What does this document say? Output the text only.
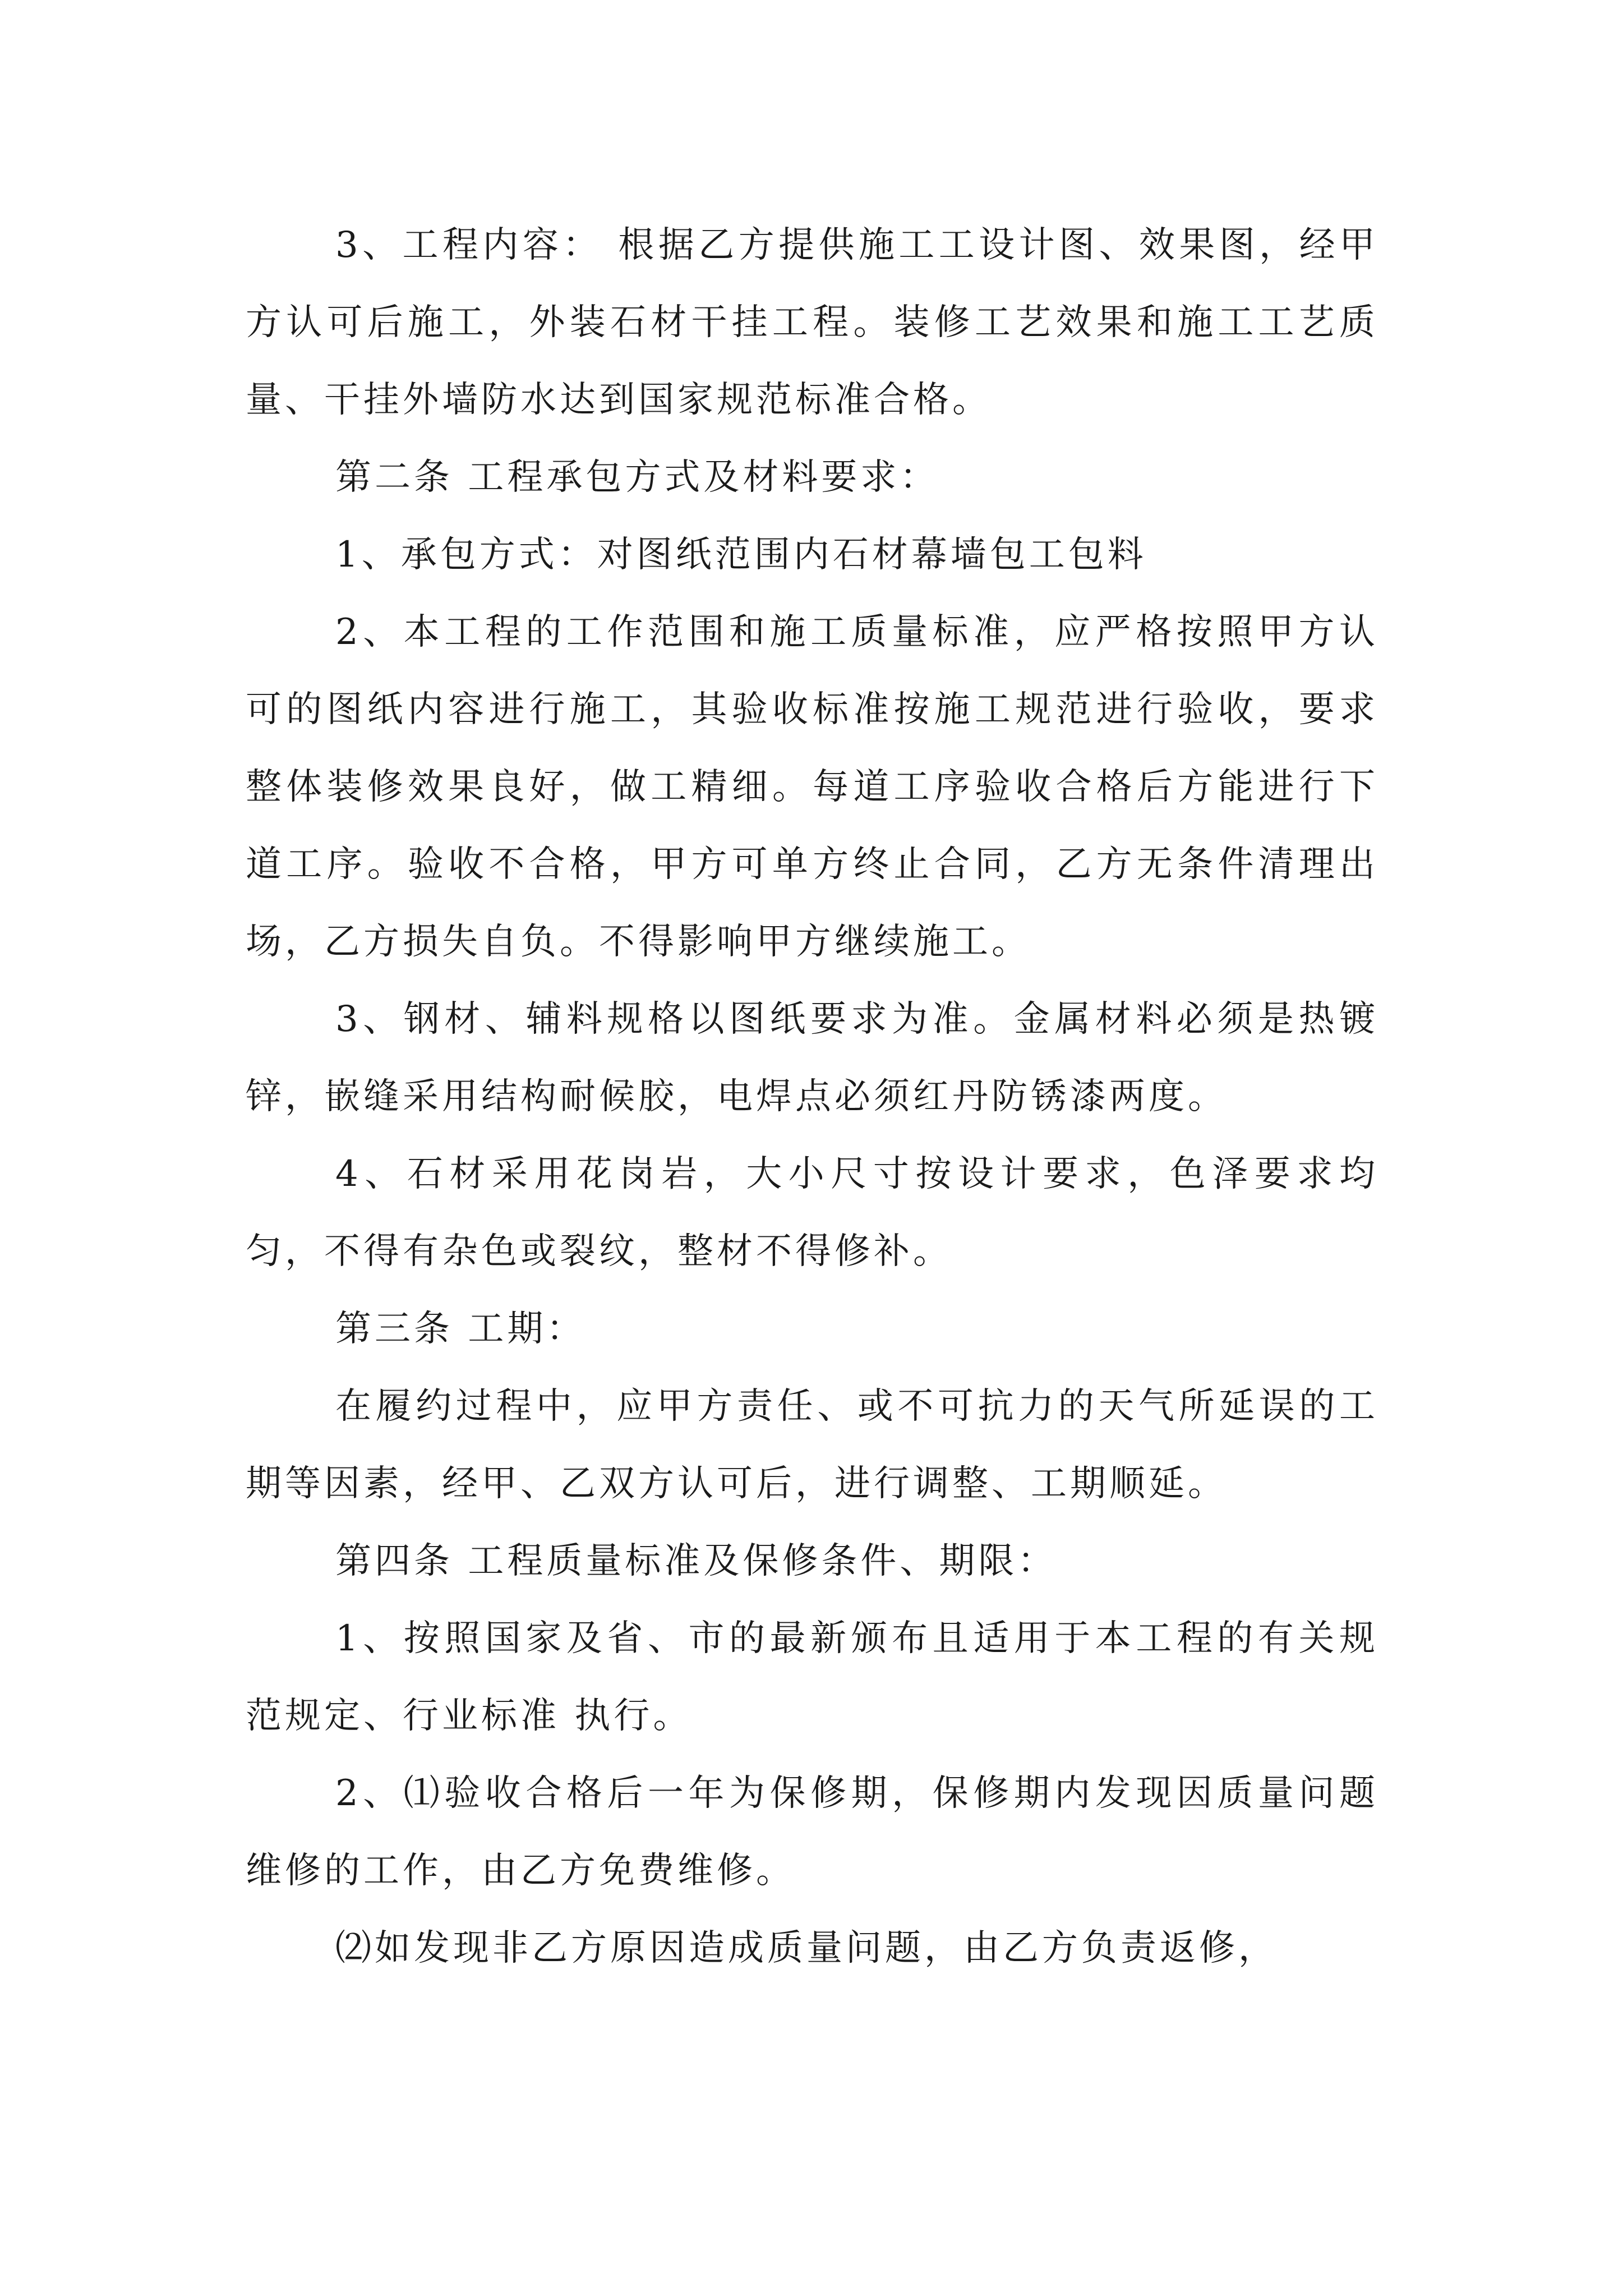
3、工程内容： 根据乙方提供施工工设计图、效果图，经甲方认可后施工，外装石材干挂工程。装修工艺效果和施工工艺质量、干挂外墙防水达到国家规范标准合格。

第二条 工程承包方式及材料要求：

1、承包方式：对图纸范围内石材幕墙包工包料

2、本工程的工作范围和施工质量标准，应严格按照甲方认可的图纸内容进行施工，其验收标准按施工规范进行验收，要求整体装修效果良好，做工精细。每道工序验收合格后方能进行下道工序。验收不合格，甲方可单方终止合同，乙方无条件清理出场，乙方损失自负。不得影响甲方继续施工。

3、钢材、辅料规格以图纸要求为准。金属材料必须是热镀锌，嵌缝采用结构耐候胶，电焊点必须红丹防锈漆两度。

4、石材采用花岗岩，大小尺寸按设计要求，色泽要求均匀，不得有杂色或裂纹，整材不得修补。

第三条 工期：

在履约过程中，应甲方责任、或不可抗力的天气所延误的工期等因素，经甲、乙双方认可后，进行调整、工期顺延。

第四条 工程质量标准及保修条件、期限：

1、按照国家及省、市的最新颁布且适用于本工程的有关规范规定、行业标准 执行。

2、⑴验收合格后一年为保修期，保修期内发现因质量问题维修的工作，由乙方免费维修。

⑵如发现非乙方原因造成质量问题，由乙方负责返修，
